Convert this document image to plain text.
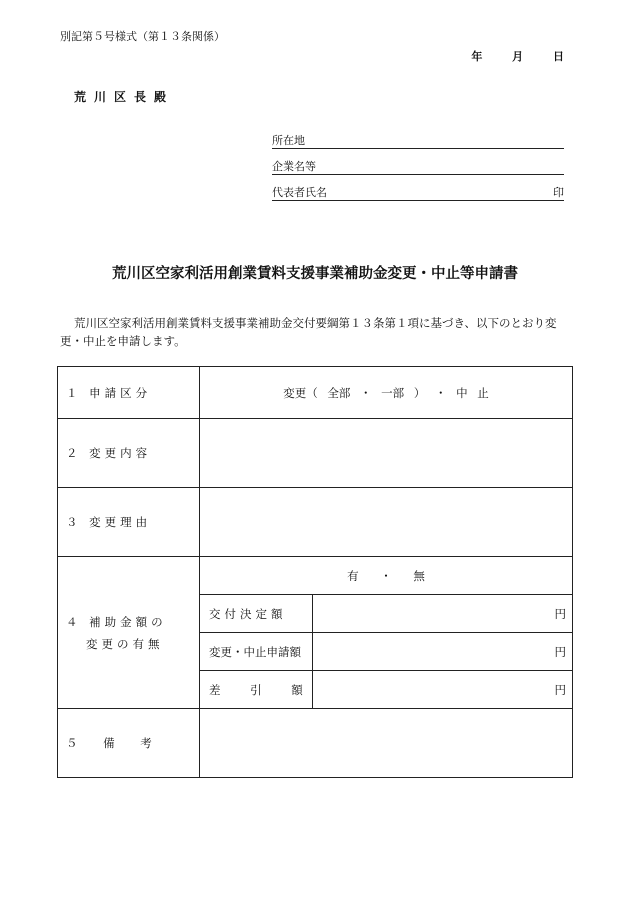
別記第５号様式（第１３条関係）
年	月	日
荒川区長殿
所在地
企業名等
代表者氏名	印
荒川区空家利活用創業賃料支援事業補助金変更・中止等申請書
荒川区空家利活用創業賃料支援事業補助金交付要綱第１３条第１項に基づき、以下のとおり変更・中止を申請します。
１ 申請区分	変更（ 全部 ・ 一部 ） ・ 中 止	
２ 変更内容		
３ 変更理由		

４ 補助金額の
変更の有無	有 ・ 無	
	交付決定額	円
	変更・中止申請額	円
	差 引 額	円
５ 備 考		
